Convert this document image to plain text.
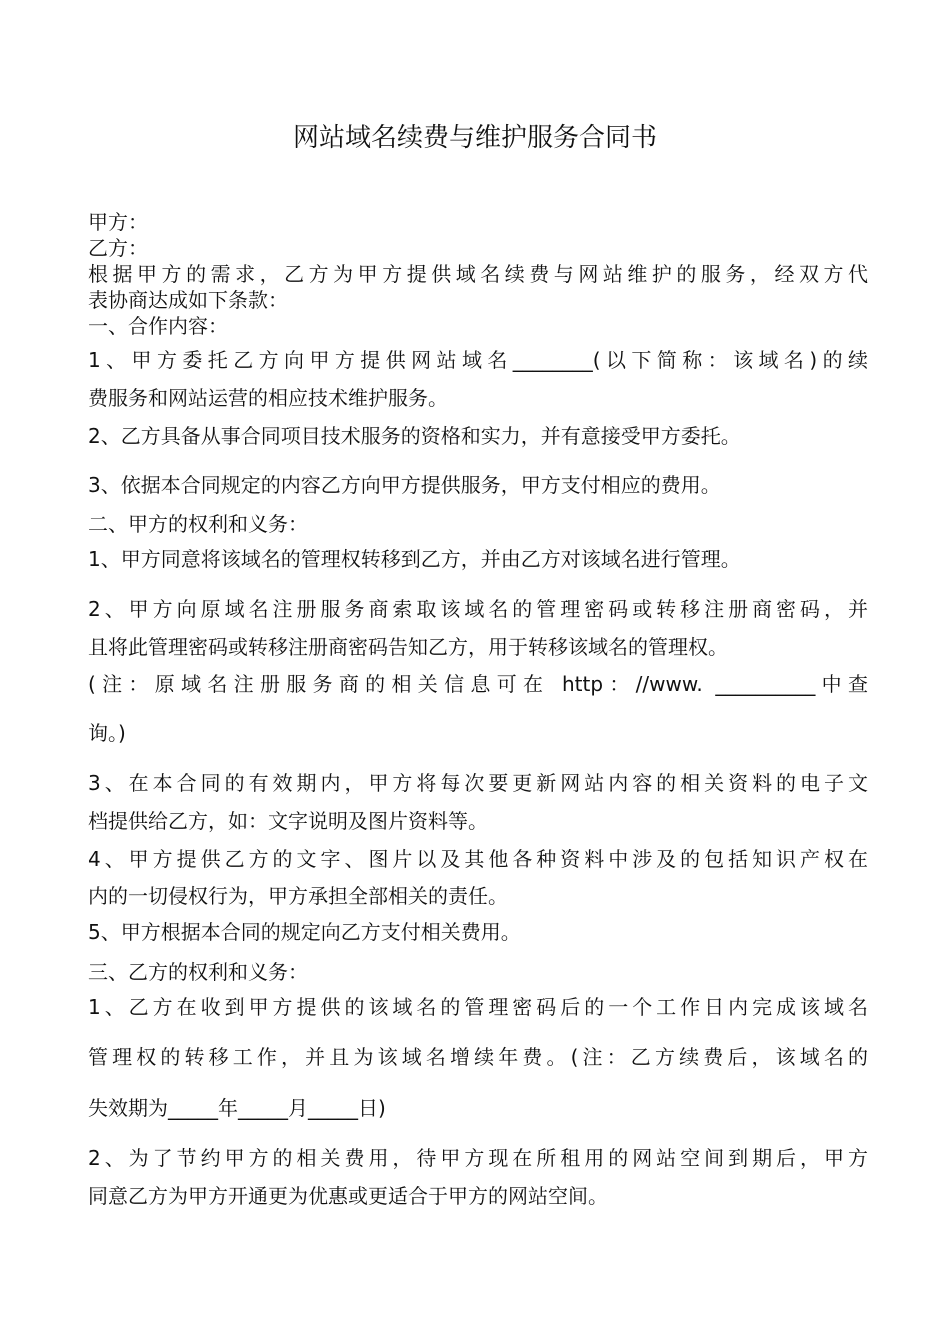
网站域名续费与维护服务合同书
甲方：
乙方：
根据甲方的需求，乙方为甲方提供域名续费与网站维护的服务，经双方代
表协商达成如下条款：
一、合作内容：
1、甲方委托乙方向甲方提供网站域名________(以下简称：该域名)的续
费服务和网站运营的相应技术维护服务。
2、乙方具备从事合同项目技术服务的资格和实力，并有意接受甲方委托。
3、依据本合同规定的内容乙方向甲方提供服务，甲方支付相应的费用。
二、甲方的权利和义务：
1、甲方同意将该域名的管理权转移到乙方，并由乙方对该域名进行管理。
2、甲方向原域名注册服务商索取该域名的管理密码或转移注册商密码，并
且将此管理密码或转移注册商密码告知乙方，用于转移该域名的管理权。
(注：原域名注册服务商的相关信息可在 http：//www. __________中查
询。)
3、在本合同的有效期内，甲方将每次要更新网站内容的相关资料的电子文
档提供给乙方，如：文字说明及图片资料等。
4、甲方提供乙方的文字、图片以及其他各种资料中涉及的包括知识产权在
内的一切侵权行为，甲方承担全部相关的责任。
5、甲方根据本合同的规定向乙方支付相关费用。
三、乙方的权利和义务：
1、乙方在收到甲方提供的该域名的管理密码后的一个工作日内完成该域名
管理权的转移工作，并且为该域名增续年费。(注：乙方续费后，该域名的
失效期为_____年_____月_____日)
2、为了节约甲方的相关费用，待甲方现在所租用的网站空间到期后，甲方
同意乙方为甲方开通更为优惠或更适合于甲方的网站空间。
